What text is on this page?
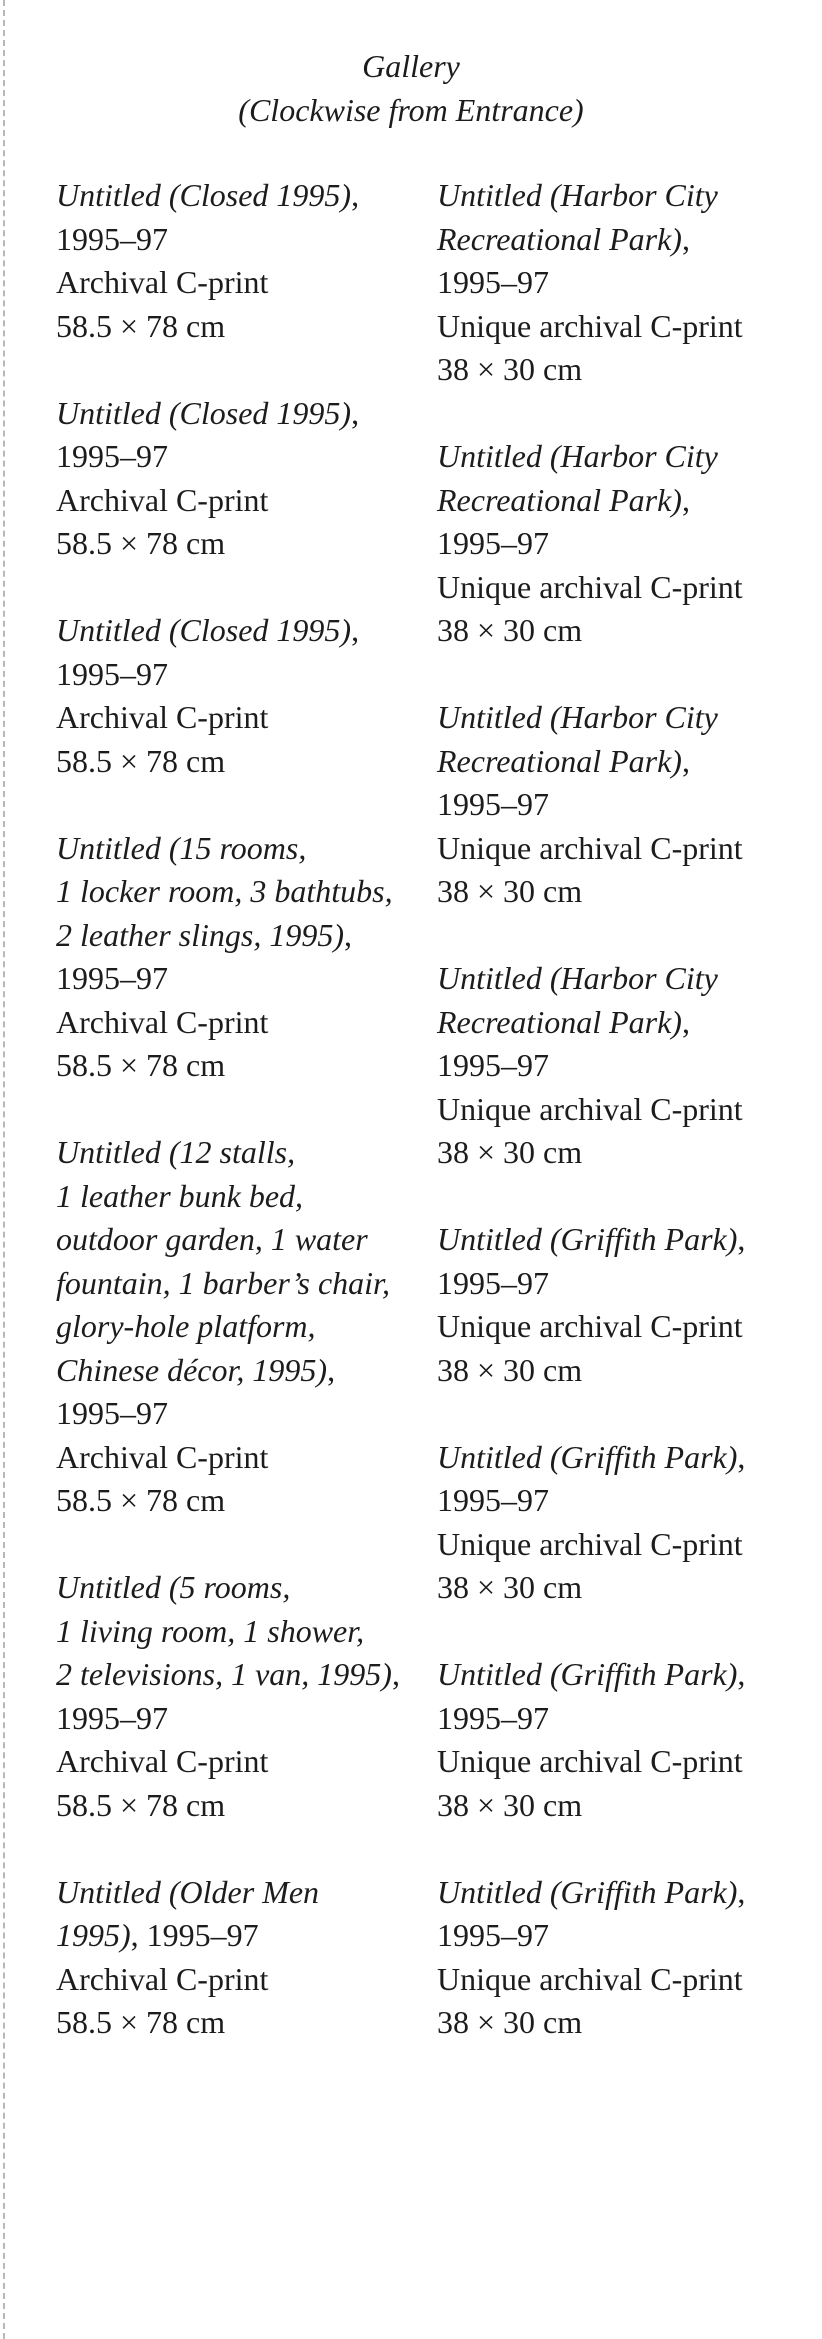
Gallery
(Clockwise from Entrance)
Untitled (Closed 1995),
1995–97
Archival C-print
58.5 × 78 cm
Untitled (Closed 1995),
1995–97
Archival C-print
58.5 × 78 cm
Untitled (Closed 1995),
1995–97
Archival C-print
58.5 × 78 cm
Untitled (15 rooms,
1 locker room, 3 bathtubs,
2 leather slings, 1995),
1995–97
Archival C-print
58.5 × 78 cm
Untitled (12 stalls,
1 leather bunk bed,
outdoor garden, 1 water
fountain, 1 barber’s chair,
glory-hole platform,
Chinese décor, 1995),
1995–97
Archival C-print
58.5 × 78 cm
Untitled (5 rooms,
1 living room, 1 shower,
2 televisions, 1 van, 1995),
1995–97
Archival C-print
58.5 × 78 cm
Untitled (Older Men
1995), 1995–97
Archival C-print
58.5 × 78 cm
Untitled (Harbor City
Recreational Park),
1995–97
Unique archival C-print
38 × 30 cm
Untitled (Harbor City
Recreational Park),
1995–97
Unique archival C-print
38 × 30 cm
Untitled (Harbor City
Recreational Park),
1995–97
Unique archival C-print
38 × 30 cm
Untitled (Harbor City
Recreational Park),
1995–97
Unique archival C-print
38 × 30 cm
Untitled (Griffith Park),
1995–97
Unique archival C-print
38 × 30 cm
Untitled (Griffith Park),
1995–97
Unique archival C-print
38 × 30 cm
Untitled (Griffith Park),
1995–97
Unique archival C-print
38 × 30 cm
Untitled (Griffith Park),
1995–97
Unique archival C-print
38 × 30 cm
